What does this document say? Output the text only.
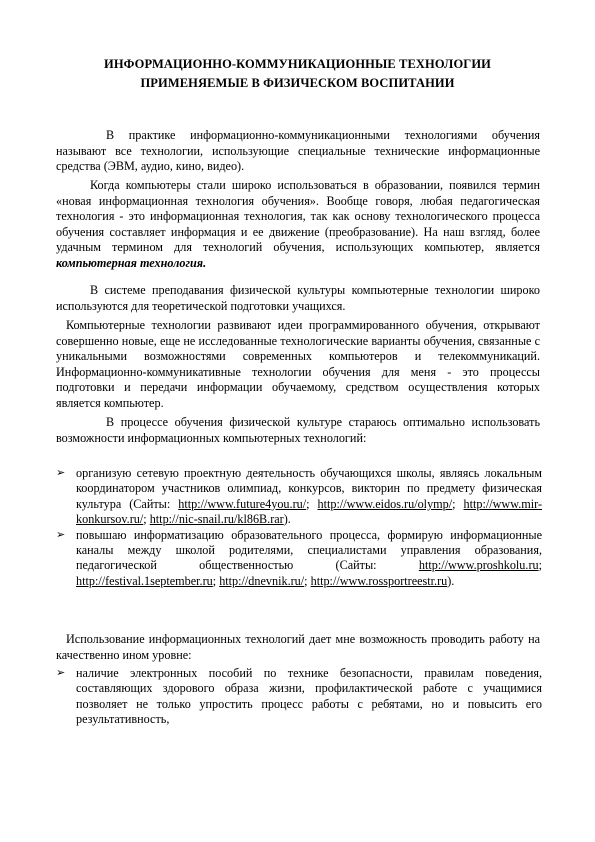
ИНФОРМАЦИОННО-КОММУНИКАЦИОННЫЕ ТЕХНОЛОГИИ
ПРИМЕНЯЕМЫЕ В ФИЗИЧЕСКОМ ВОСПИТАНИИ
В практике информационно-коммуникационными технологиями обучения называют все технологии, использующие специальные технические информационные средства (ЭВМ, аудио, кино, видео).
Когда компьютеры стали широко использоваться в образовании, появился термин «новая информационная технология обучения». Вообще говоря, любая педагогическая технология - это информационная технология, так как основу технологического процесса обучения составляет информация и ее движение (преобразование). На наш взгляд, более удачным термином для технологий обучения, использующих компьютер, является компьютерная технология.
В системе преподавания физической культуры компьютерные технологии широко используются для теоретической подготовки учащихся.
Компьютерные технологии развивают идеи программированного обучения, открывают совершенно новые, еще не исследованные технологические варианты обучения, связанные с уникальными возможностями современных компьютеров и телекоммуникаций. Информационно-коммуникативные технологии обучения для меня - это процессы подготовки и передачи информации обучаемому, средством осуществления которых является компьютер.
В процессе обучения физической культуре стараюсь оптимально использовать возможности информационных компьютерных технологий:
➢ организую сетевую проектную деятельность обучающихся школы, являясь локальным координатором участников олимпиад, конкурсов, викторин по предмету физическая культура (Сайты: http://www.future4you.ru/; http://www.eidos.ru/olymp/; http://www.mir-konkursov.ru/; http://nic-snail.ru/kl86B.rar).
➢ повышаю информатизацию образовательного процесса, формирую информационные каналы между школой родителями, специалистами управления образования, педагогической общественностью (Сайты:	http://www.proshkolu.ru; http://festival.1september.ru; http://dnevnik.ru/; http://www.rossportreestr.ru).
Использование информационных технологий дает мне возможность проводить работу на качественно ином уровне:
➢ наличие электронных пособий по технике безопасности, правилам поведения, составляющих здорового образа жизни, профилактической работе с учащимися позволяет не только упростить процесс работы с ребятами, но и повысить его результативность,
